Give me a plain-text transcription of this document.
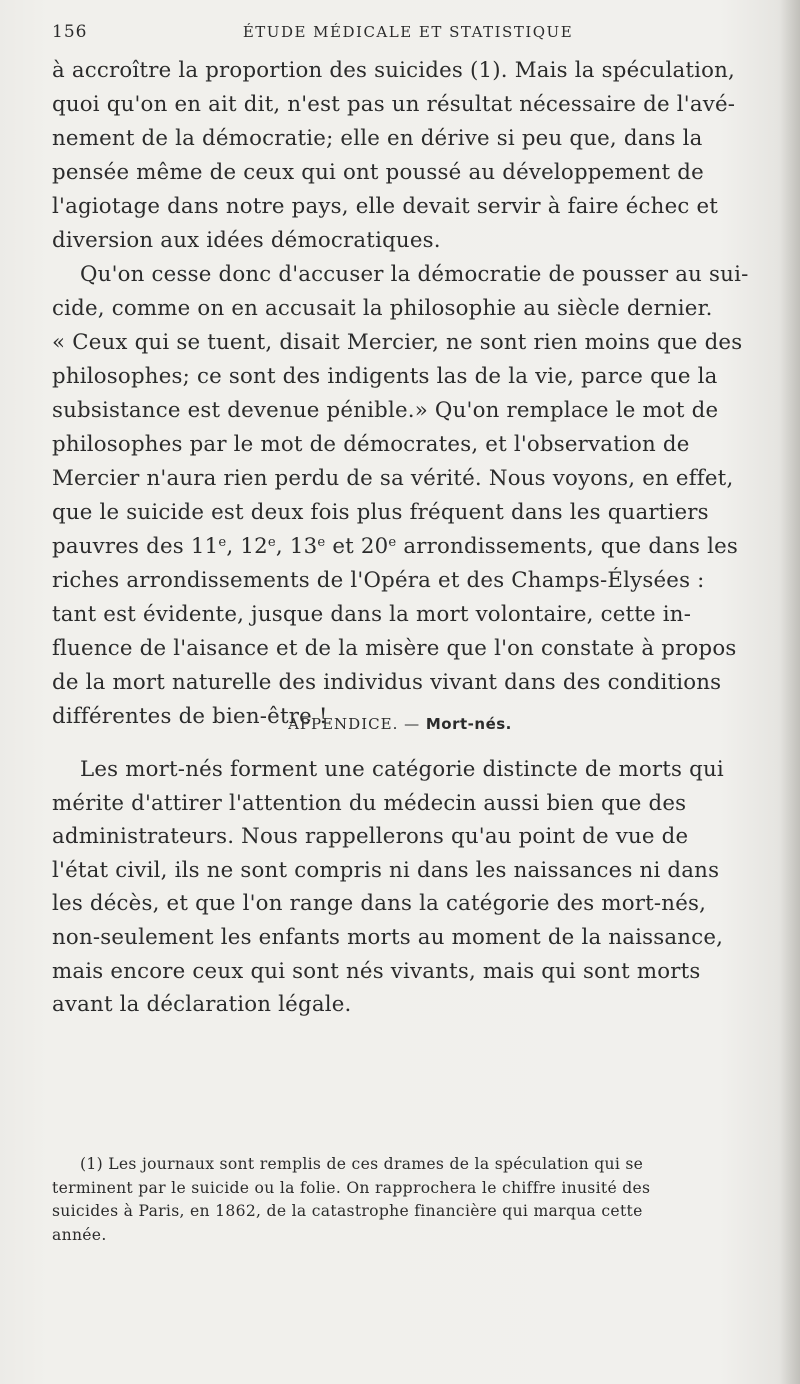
156	ÉTUDE MÉDICALE ET STATISTIQUE
à accroître la proportion des suicides (1). Mais la spéculation,
quoi qu'on en ait dit, n'est pas un résultat nécessaire de l'avé-
nement de la démocratie; elle en dérive si peu que, dans la
pensée même de ceux qui ont poussé au développement de
l'agiotage dans notre pays, elle devait servir à faire échec et
diversion aux idées démocratiques.
Qu'on cesse donc d'accuser la démocratie de pousser au sui-
cide, comme on en accusait la philosophie au siècle dernier.
« Ceux qui se tuent, disait Mercier, ne sont rien moins que des
philosophes; ce sont des indigents las de la vie, parce que la
subsistance est devenue pénible.» Qu'on remplace le mot de
philosophes par le mot de démocrates, et l'observation de
Mercier n'aura rien perdu de sa vérité. Nous voyons, en effet,
que le suicide est deux fois plus fréquent dans les quartiers
pauvres des 11e, 12e, 13e et 20e arrondissements, que dans les
riches arrondissements de l'Opéra et des Champs-Élysées :
tant est évidente, jusque dans la mort volontaire, cette in-
fluence de l'aisance et de la misère que l'on constate à propos
de la mort naturelle des individus vivant dans des conditions
différentes de bien-être !
APPENDICE. — Mort-nés.
Les mort-nés forment une catégorie distincte de morts qui
mérite d'attirer l'attention du médecin aussi bien que des
administrateurs. Nous rappellerons qu'au point de vue de
l'état civil, ils ne sont compris ni dans les naissances ni dans
les décès, et que l'on range dans la catégorie des mort-nés,
non-seulement les enfants morts au moment de la naissance,
mais encore ceux qui sont nés vivants, mais qui sont morts
avant la déclaration légale.
(1) Les journaux sont remplis de ces drames de la spéculation qui se
terminent par le suicide ou la folie. On rapprochera le chiffre inusité des
suicides à Paris, en 1862, de la catastrophe financière qui marqua cette
année.
